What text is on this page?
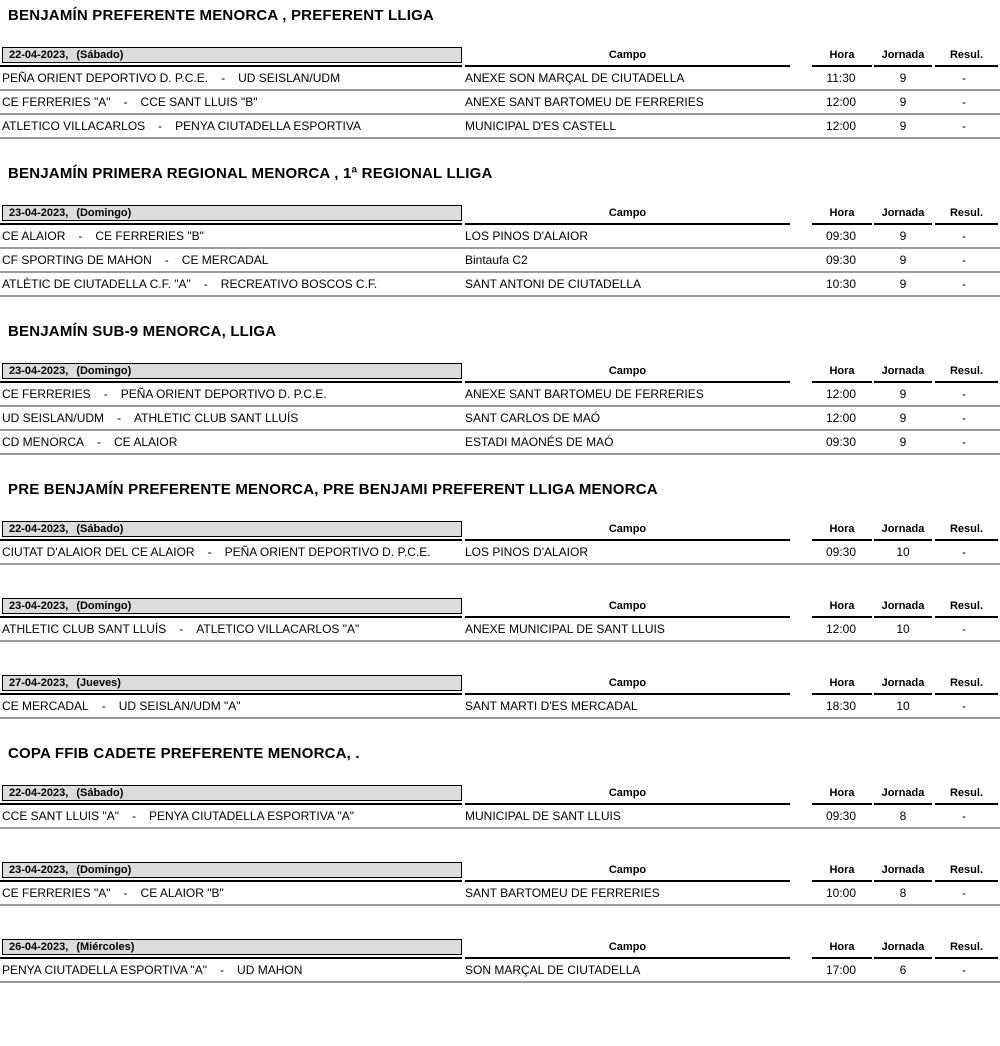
BENJAMÍN PREFERENTE MENORCA , PREFERENT LLIGA
22-04-2023, (Sábado)	Campo	Hora	Jornada	Resul.
PEÑA ORIENT DEPORTIVO D. P.C.E. - UD SEISLAN/UDM	ANEXE SON MARÇAL DE CIUTADELLA	11:30	9	-
CE FERRERIES "A" - CCE SANT LLUIS "B"	ANEXE SANT BARTOMEU DE FERRERIES	12:00	9	-
ATLETICO VILLACARLOS - PENYA CIUTADELLA ESPORTIVA	MUNICIPAL D'ES CASTELL	12:00	9	-
BENJAMÍN PRIMERA REGIONAL MENORCA , 1ª REGIONAL LLIGA
23-04-2023, (Domingo)	Campo	Hora	Jornada	Resul.
CE ALAIOR - CE FERRERIES "B"	LOS PINOS D'ALAIOR	09:30	9	-
CF SPORTING DE MAHON - CE MERCADAL	Bintaufa C2	09:30	9	-
ATLÈTIC DE CIUTADELLA C.F. "A" - RECREATIVO BOSCOS C.F.	SANT ANTONI DE CIUTADELLA	10:30	9	-
BENJAMÍN SUB-9 MENORCA, LLIGA
23-04-2023, (Domingo)	Campo	Hora	Jornada	Resul.
CE FERRERIES - PEÑA ORIENT DEPORTIVO D. P.C.E.	ANEXE SANT BARTOMEU DE FERRERIES	12:00	9	-
UD SEISLAN/UDM - ATHLETIC CLUB SANT LLUÍS	SANT CARLOS DE MAÓ	12:00	9	-
CD MENORCA - CE ALAIOR	ESTADI MAONÉS DE MAÓ	09:30	9	-
PRE BENJAMÍN PREFERENTE MENORCA, PRE BENJAMI PREFERENT LLIGA MENORCA
22-04-2023, (Sábado)	Campo	Hora	Jornada	Resul.
CIUTAT D'ALAIOR DEL CE ALAIOR - PEÑA ORIENT DEPORTIVO D. P.C.E.	LOS PINOS D'ALAIOR	09:30	10	-
23-04-2023, (Domingo)	Campo	Hora	Jornada	Resul.
ATHLETIC CLUB SANT LLUÍS - ATLETICO VILLACARLOS "A"	ANEXE MUNICIPAL DE SANT LLUIS	12:00	10	-
27-04-2023, (Jueves)	Campo	Hora	Jornada	Resul.
CE MERCADAL - UD SEISLAN/UDM "A"	SANT MARTI D'ES MERCADAL	18:30	10	-
COPA FFIB CADETE PREFERENTE MENORCA, .
22-04-2023, (Sábado)	Campo	Hora	Jornada	Resul.
CCE SANT LLUIS "A" - PENYA CIUTADELLA ESPORTIVA "A"	MUNICIPAL DE SANT LLUIS	09:30	8	-
23-04-2023, (Domingo)	Campo	Hora	Jornada	Resul.
CE FERRERIES "A" - CE ALAIOR "B"	SANT BARTOMEU DE FERRERIES	10:00	8	-
26-04-2023, (Miércoles)	Campo	Hora	Jornada	Resul.
PENYA CIUTADELLA ESPORTIVA "A" - UD MAHON	SON MARÇAL DE CIUTADELLA	17:00	6	-
